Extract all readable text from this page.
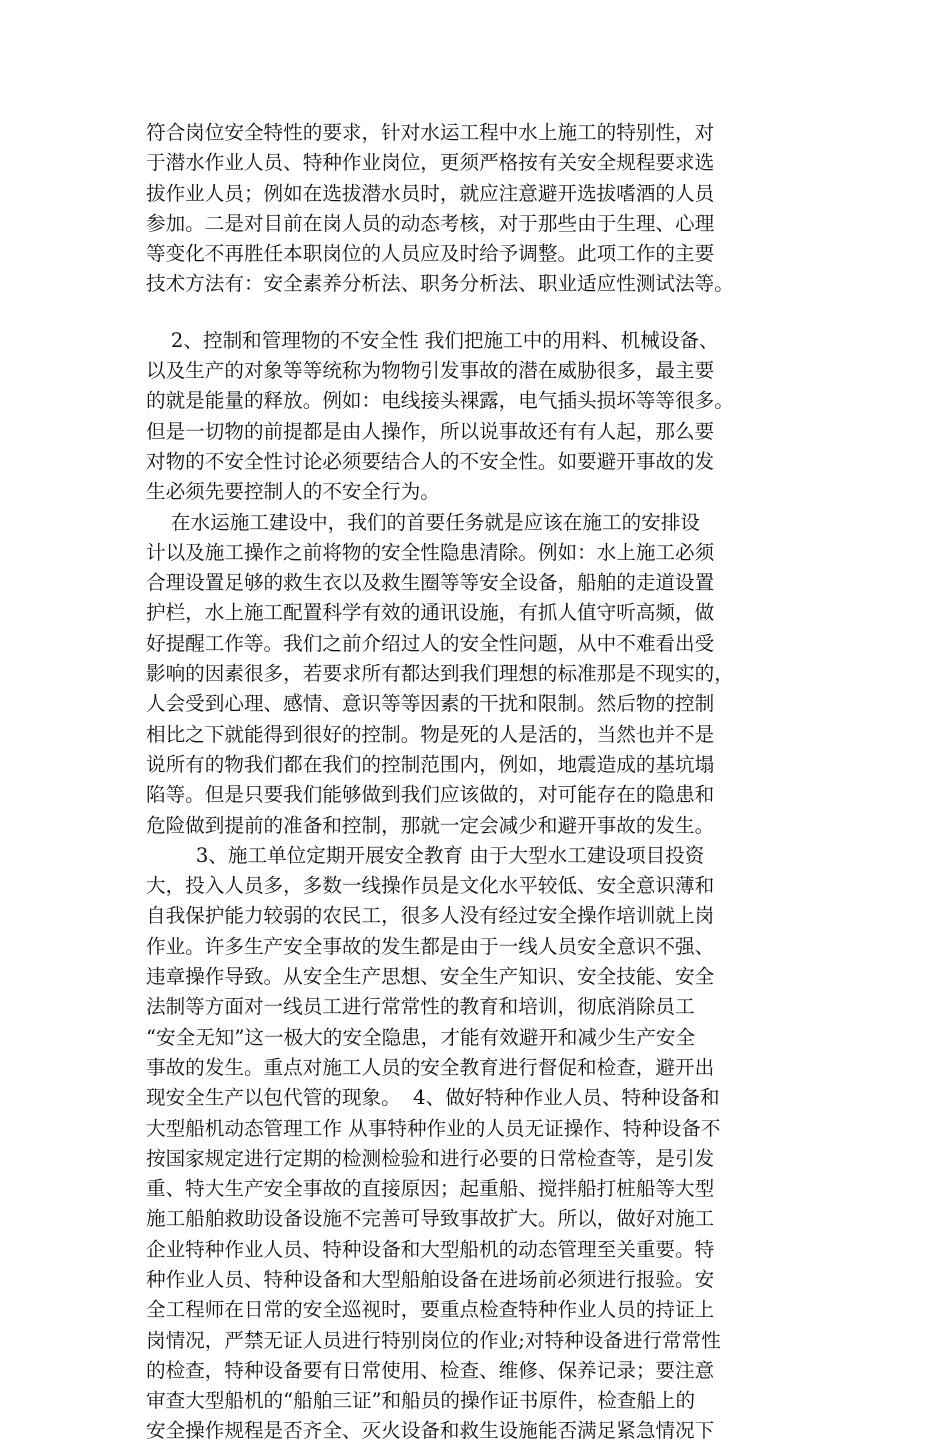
符合岗位安全特性的要求，针对水运工程中水上施工的特别性，对
于潜水作业人员、特种作业岗位，更须严格按有关安全规程要求选
拔作业人员；例如在选拔潜水员时，就应注意避开选拔嗜酒的人员
参加。二是对目前在岗人员的动态考核，对于那些由于生理、心理
等变化不再胜任本职岗位的人员应及时给予调整。此项工作的主要
技术方法有：安全素养分析法、职务分析法、职业适应性测试法等。
2、控制和管理物的不安全性 我们把施工中的用料、机械设备、
以及生产的对象等等统称为物物引发事故的潜在威胁很多，最主要
的就是能量的释放。例如：电线接头裸露，电气插头损坏等等很多。
但是一切物的前提都是由人操作，所以说事故还有有人起，那么要
对物的不安全性讨论必须要结合人的不安全性。如要避开事故的发
生必须先要控制人的不安全行为。
在水运施工建设中，我们的首要任务就是应该在施工的安排设
计以及施工操作之前将物的安全性隐患清除。例如：水上施工必须
合理设置足够的救生衣以及救生圈等等安全设备，船舶的走道设置
护栏，水上施工配置科学有效的通讯设施，有抓人值守听高频，做
好提醒工作等。我们之前介绍过人的安全性问题，从中不难看出受
影响的因素很多，若要求所有都达到我们理想的标准那是不现实的，
人会受到心理、感情、意识等等因素的干扰和限制。然后物的控制
相比之下就能得到很好的控制。物是死的人是活的，当然也并不是
说所有的物我们都在我们的控制范围内，例如，地震造成的基坑塌
陷等。但是只要我们能够做到我们应该做的，对可能存在的隐患和
危险做到提前的准备和控制，那就一定会减少和避开事故的发生。
3、施工单位定期开展安全教育 由于大型水工建设项目投资
大，投入人员多，多数一线操作员是文化水平较低、安全意识薄和
自我保护能力较弱的农民工，很多人没有经过安全操作培训就上岗
作业。许多生产安全事故的发生都是由于一线人员安全意识不强、
违章操作导致。从安全生产思想、安全生产知识、安全技能、安全
法制等方面对一线员工进行常常性的教育和培训，彻底消除员工
“安全无知”这一极大的安全隐患，才能有效避开和减少生产安全
事故的发生。重点对施工人员的安全教育进行督促和检查，避开出
现安全生产以包代管的现象。  4、做好特种作业人员、特种设备和
大型船机动态管理工作 从事特种作业的人员无证操作、特种设备不
按国家规定进行定期的检测检验和进行必要的日常检查等，是引发
重、特大生产安全事故的直接原因；起重船、搅拌船打桩船等大型
施工船舶救助设备设施不完善可导致事故扩大。所以，做好对施工
企业特种作业人员、特种设备和大型船机的动态管理至关重要。特
种作业人员、特种设备和大型船舶设备在进场前必须进行报验。安
全工程师在日常的安全巡视时，要重点检查特种作业人员的持证上
岗情况，严禁无证人员进行特别岗位的作业;对特种设备进行常常性
的检查，特种设备要有日常使用、检查、维修、保养记录；要注意
审查大型船机的“船舶三证”和船员的操作证书原件，检查船上的
安全操作规程是否齐全、灭火设备和救生设施能否满足紧急情况下
